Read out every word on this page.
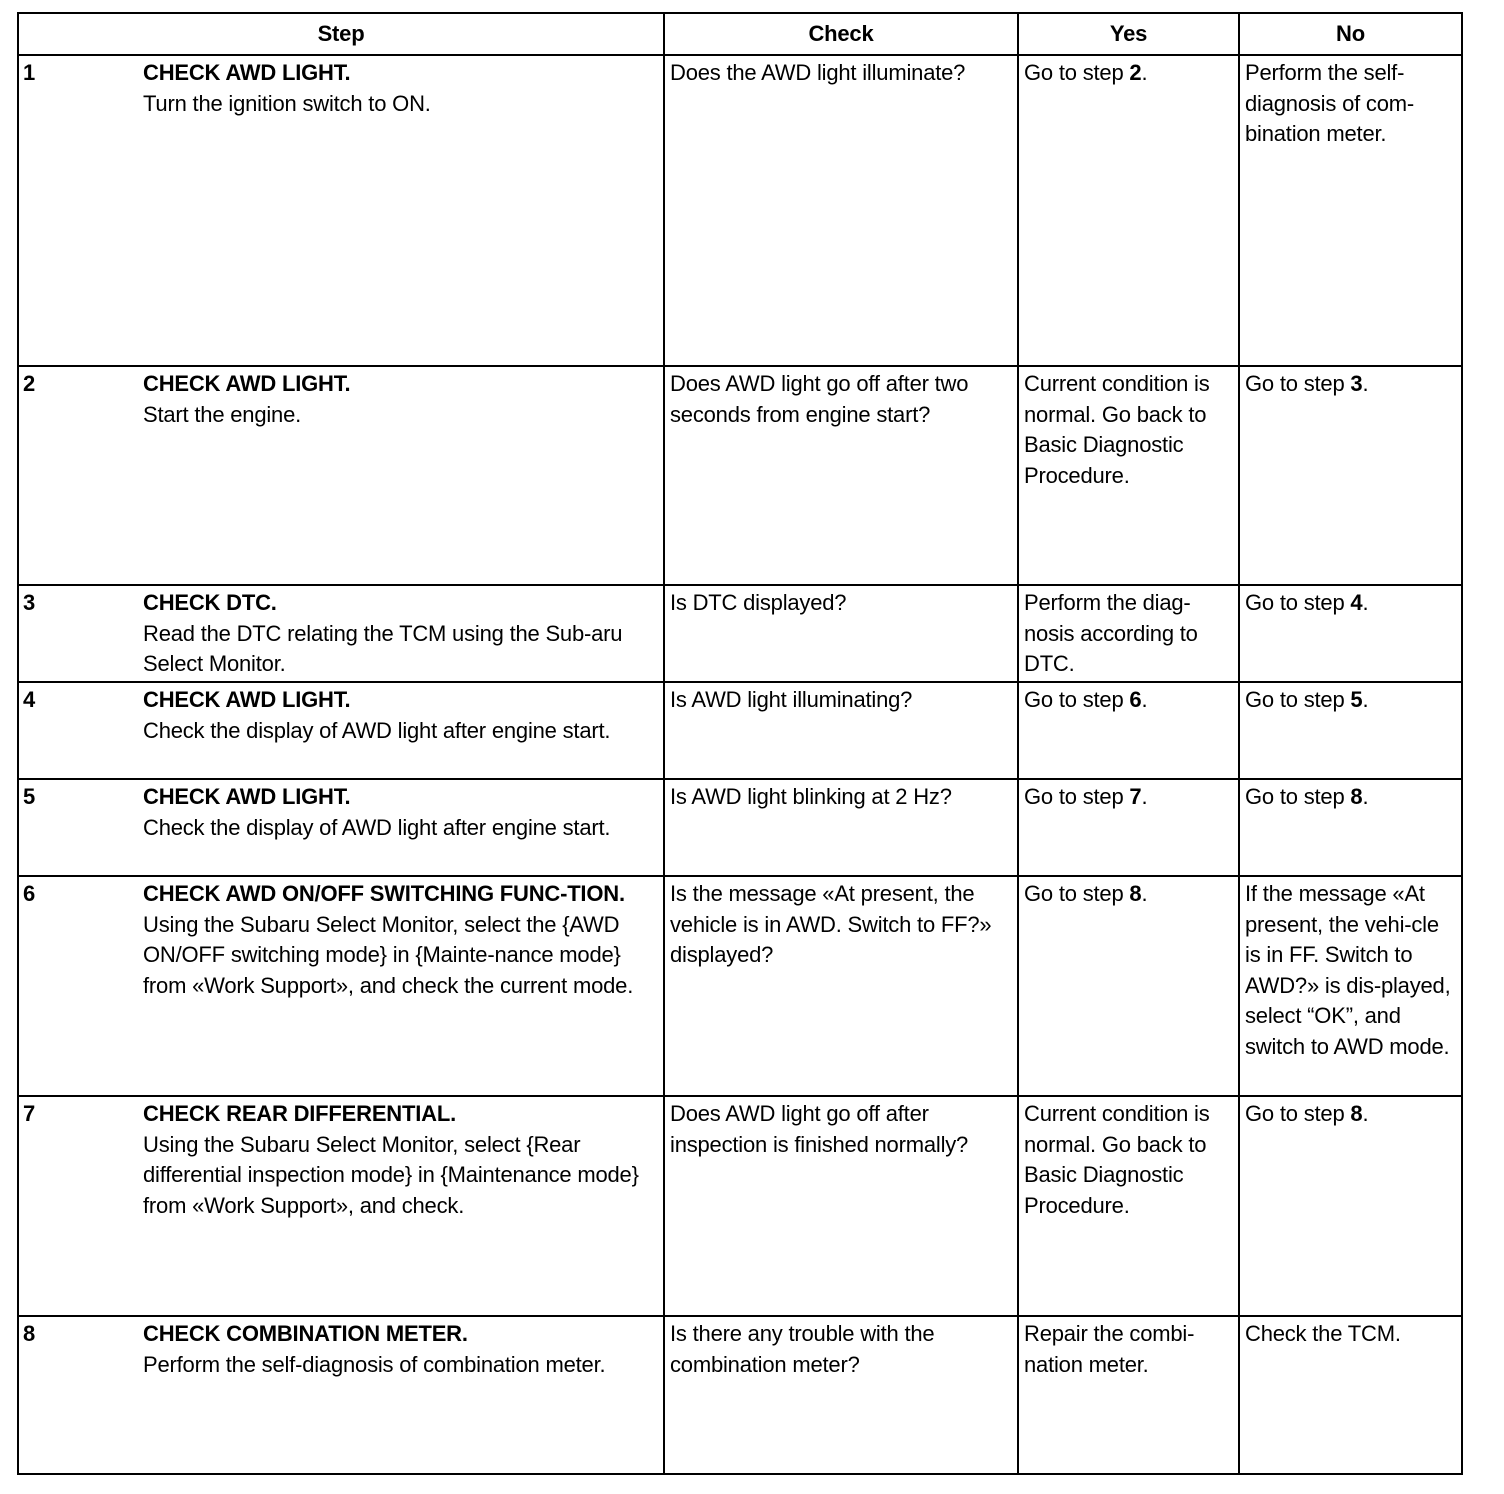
Step	Check	Yes	No

1 CHECK AWD LIGHT.
Turn the ignition switch to ON.	Does the AWD light illuminate?	Go to step 2.	Perform the self-diagnosis of com-bination meter.

2 CHECK AWD LIGHT.
Start the engine.	Does AWD light go off after two seconds from engine start?	Current condition is normal. Go back to Basic Diagnostic Procedure.	Go to step 3.

3 CHECK DTC.
Read the DTC relating the TCM using the Sub-aru Select Monitor.	Is DTC displayed?	Perform the diag-nosis according to DTC.	Go to step 4.

4 CHECK AWD LIGHT.
Check the display of AWD light after engine start.	Is AWD light illuminating?	Go to step 6.	Go to step 5.

5 CHECK AWD LIGHT.
Check the display of AWD light after engine start.	Is AWD light blinking at 2 Hz?	Go to step 7.	Go to step 8.

6 CHECK AWD ON/OFF SWITCHING FUNC-TION.
Using the Subaru Select Monitor, select the {AWD ON/OFF switching mode} in {Mainte-nance mode} from «Work Support», and check the current mode.	Is the message «At present, the vehicle is in AWD. Switch to FF?» displayed?	Go to step 8.	If the message «At present, the vehi-cle is in FF. Switch to AWD?» is dis-played, select “OK”, and switch to AWD mode.

7 CHECK REAR DIFFERENTIAL.
Using the Subaru Select Monitor, select {Rear differential inspection mode} in {Maintenance mode} from «Work Support», and check.	Does AWD light go off after inspection is finished normally?	Current condition is normal. Go back to Basic Diagnostic Procedure.	Go to step 8.

8 CHECK COMBINATION METER.
Perform the self-diagnosis of combination meter.	Is there any trouble with the combination meter?	Repair the combi-nation meter.	Check the TCM.
